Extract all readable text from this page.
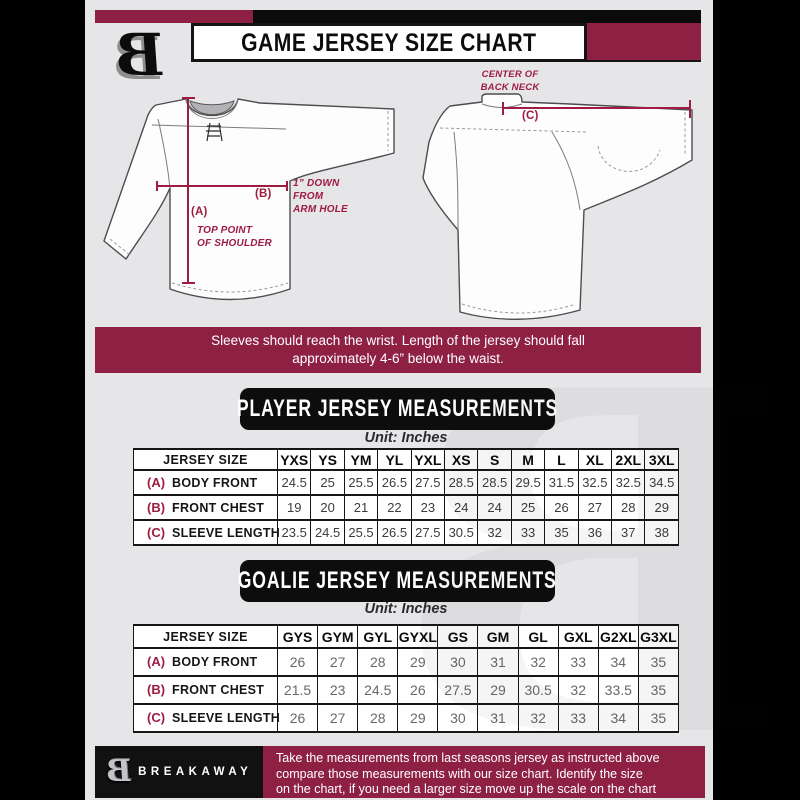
B	GAME JERSEY SIZE CHART
(A)
TOP POINT
OF SHOULDER
(B)
1” DOWN
FROM
ARM HOLE
CENTER OF
BACK NECK
(C)
Sleeves should reach the wrist. Length of the jersey should fall
approximately 4-6” below the waist.
PLAYER JERSEY MEASUREMENTS
Unit: Inches
JERSEY SIZE	YXS	YS	YM	YL	YXL	XS	S	M	L	XL	2XL	3XL
(A) BODY FRONT	24.5	25	25.5	26.5	27.5	28.5	28.5	29.5	31.5	32.5	32.5	34.5
(B) FRONT CHEST	19	20	21	22	23	24	24	25	26	27	28	29
(C) SLEEVE LENGTH	23.5	24.5	25.5	26.5	27.5	30.5	32	33	35	36	37	38
GOALIE JERSEY MEASUREMENTS
Unit: Inches
JERSEY SIZE	GYS	GYM	GYL	GYXL	GS	GM	GL	GXL	G2XL	G3XL
(A) BODY FRONT	26	27	28	29	30	31	32	33	34	35
(B) FRONT CHEST	21.5	23	24.5	26	27.5	29	30.5	32	33.5	35
(C) SLEEVE LENGTH	26	27	28	29	30	31	32	33	34	35
B BREAKAWAY
Take the measurements from last seasons jersey as instructed above
compare those measurements with our size chart. Identify the size
on the chart, if you need a larger size move up the scale on the chart
